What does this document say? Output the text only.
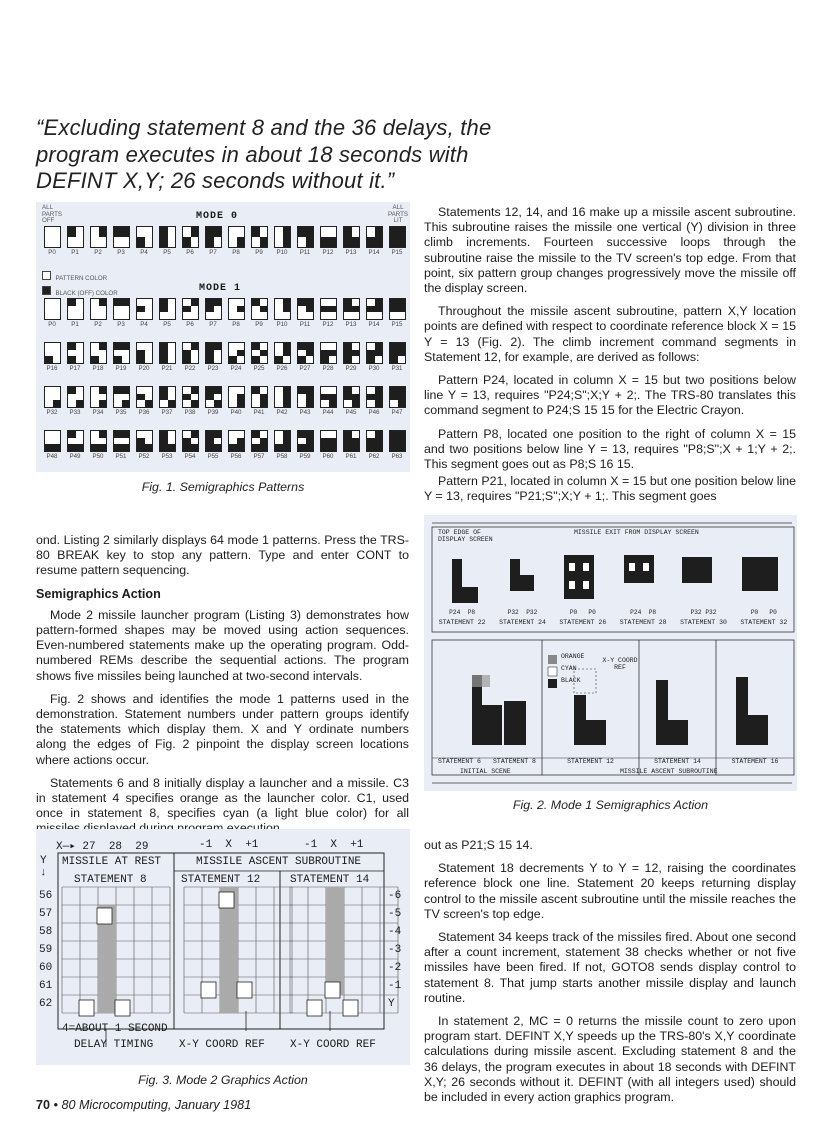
“Excluding statement 8 and the 36 delays, the program executes in about 18 seconds with DEFINT X,Y; 26 seconds without it.”
ALL
PARTS
OFF
ALL
PARTS
LIT
MODE 0
P0	P1	P2	P3	P4	P5	P6	P7	P8	P9	P10	P11	P12	P13	P14	P15
PATTERN COLOR
BLACK (OFF) COLOR	MODE 1
P0	P1	P2	P3	P4	P5	P6	P7	P8	P9	P10	P11	P12	P13	P14	P15
P16	P17	P18	P19	P20	P21	P22	P23	P24	P25	P26	P27	P28	P29	P30	P31
P32	P33	P34	P35	P36	P37	P38	P39	P40	P41	P42	P43	P44	P45	P46	P47
P48	P49	P50	P51	P52	P53	P54	P55	P56	P57	P58	P59	P60	P61	P62	P63
Fig. 1. Semigraphics Patterns

ond. Listing 2 similarly displays 64 mode 1 patterns. Press the TRS-80 BREAK key to stop any pattern. Type and enter CONT to resume pattern sequencing.

Semigraphics Action

Mode 2 missile launcher program (Listing 3) demonstrates how pattern-formed shapes may be moved using action sequences. Even-numbered statements make up the operating program. Odd-numbered REMs describe the sequential actions. The program shows five missiles being launched at two-second intervals.

Fig. 2 shows and identifies the mode 1 patterns used in the demonstration. Statement numbers under pattern groups identify the statements which display them. X and Y ordinate numbers along the edges of Fig. 2 pinpoint the display screen locations where actions occur.

Statements 6 and 8 initially display a launcher and a missile. C3 in statement 4 specifies orange as the launcher color. C1, used once in statement 8, specifies cyan (a light blue color) for all

Statements 12, 14, and 16 make up a missile ascent subroutine. This subroutine raises the missile one vertical (Y) division in three climb increments. Fourteen successive loops through the subroutine raise the missile to the TV screen's top edge. From that point, six pattern group changes progressively move the missile off the display screen.

Throughout the missile ascent subroutine, pattern X,Y location points are defined with respect to coordinate reference block X = 15 Y = 13 (Fig. 2). The climb increment command segments in Statement 12, for example, are derived as follows:

Pattern P24, located in column X = 15 but two positions below line Y = 13, requires "P24;S";X;Y + 2;. The TRS-80 translates this command segment to P24;S 15 15 for the Electric Crayon.

Pattern P8, located one position to the right of column X = 15 and two positions below line Y = 13, requires "P8;S";X + 1;Y + 2;. This segment goes out as P8;S 16 15.

Pattern P21, located in column X = 15 but one position below line Y = 13, requires "P21;S";X;Y + 1;. This segment goes

TOP EDGE OF DISPLAY SCREEN
MISSILE EXIT FROM DISPLAY SCREEN
STATEMENT 22	STATEMENT 24	STATEMENT 26	STATEMENT 28	STATEMENT 30	STATEMENT 32
P24  P8	P32  P32	P0   P0	P24  P8	P32 P32	P0   P0
ORANGE
CYAN
BLACK
X-Y COORD REF
STATEMENT 6	STATEMENT 8	STATEMENT 12	STATEMENT 14	STATEMENT 16
INITIAL SCENE	MISSILE ASCENT SUBROUTINE
Fig. 2. Mode 1 Semigraphics Action
X—▸ 27  28  29	-1  X  +1	-1  X  +1
Y
↓
MISSILE AT REST	MISSILE ASCENT SUBROUTINE
STATEMENT 8	STATEMENT 12	STATEMENT 14
56
57
58
59
60
61
62
-6
-5
-4
-3
-2
-1
Y
4=ABOUT 1 SECOND
DELAY TIMING X-Y COORD REF X-Y COORD REF
Fig. 3. Mode 2 Graphics Action

out as P21;S 15 14.

Statement 18 decrements Y to Y = 12, raising the coordinates reference block one line. Statement 20 keeps returning display control to the missile ascent subroutine until the missile reaches the TV screen's top edge.

Statement 34 keeps track of the missiles fired. About one second after a count increment, statement 38 checks whether or not five missiles have been fired. If not, GOTO8 sends display control to statement 8. That jump starts another missile display and launch routine.

In statement 2, MC = 0 returns the missile count to zero upon program start. DEFINT X,Y speeds up the TRS-80's X,Y coordinate calculations during missile ascent. Excluding statement 8 and the 36 delays, the program executes in about 18 seconds with DEFINT X,Y; 26 seconds without it. DEFINT (with all integers used) should be included in every action graphics program.

70 • 80 Microcomputing, January 1981
